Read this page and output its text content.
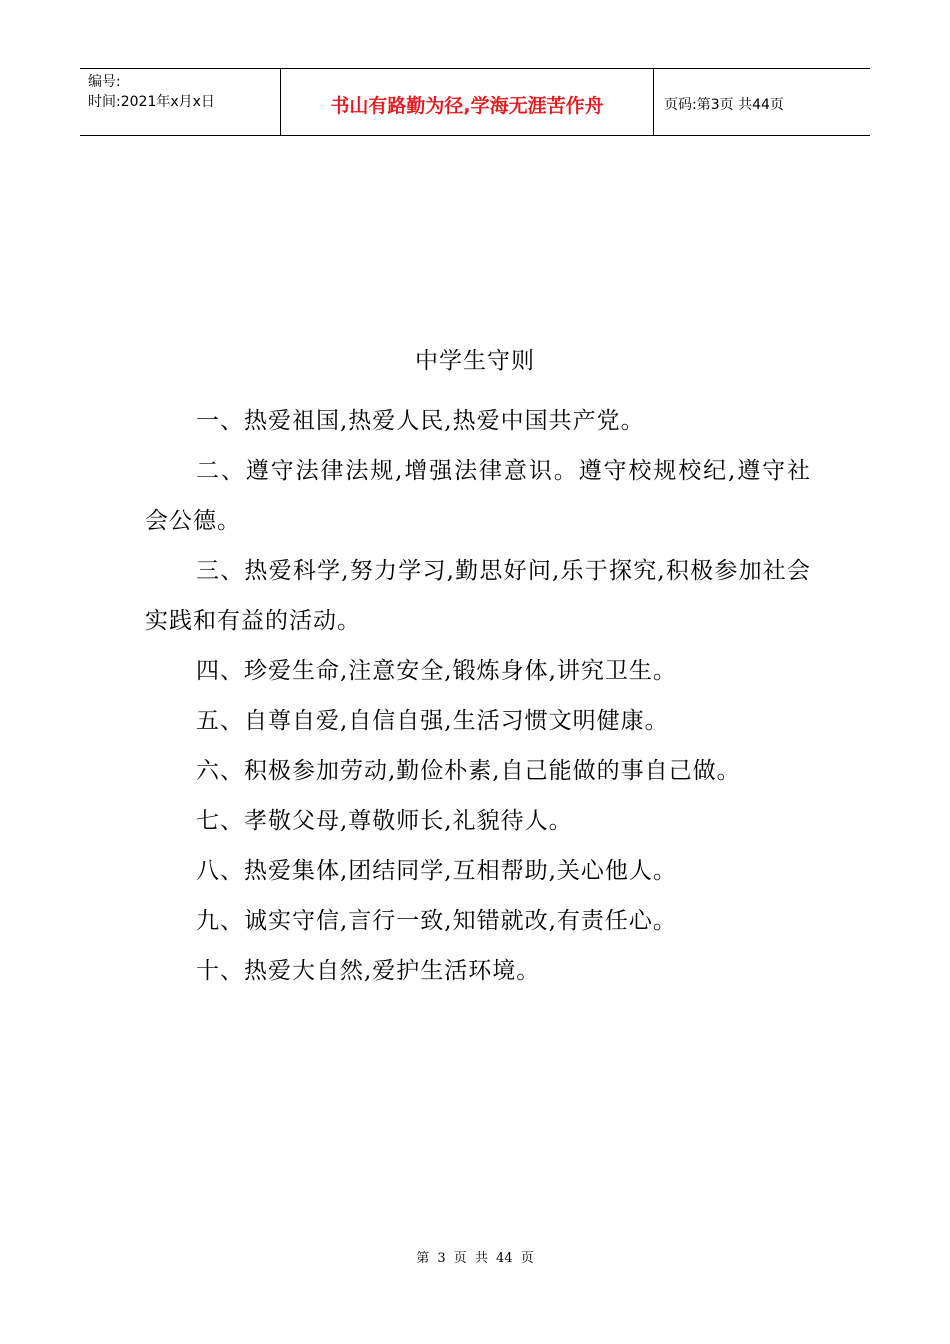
编号:
时间:2021年x月x日	书山有路勤为径,学海无涯苦作舟	页码:第3页 共44页
中学生守则

一、热爱祖国,热爱人民,热爱中国共产党。

二、遵守法律法规,增强法律意识。遵守校规校纪,遵守社会公德。

三、热爱科学,努力学习,勤思好问,乐于探究,积极参加社会实践和有益的活动。

四、珍爱生命,注意安全,锻炼身体,讲究卫生。

五、自尊自爱,自信自强,生活习惯文明健康。

六、积极参加劳动,勤俭朴素,自己能做的事自己做。

七、孝敬父母,尊敬师长,礼貌待人。

八、热爱集体,团结同学,互相帮助,关心他人。

九、诚实守信,言行一致,知错就改,有责任心。

十、热爱大自然,爱护生活环境。

第 3 页 共 44 页
